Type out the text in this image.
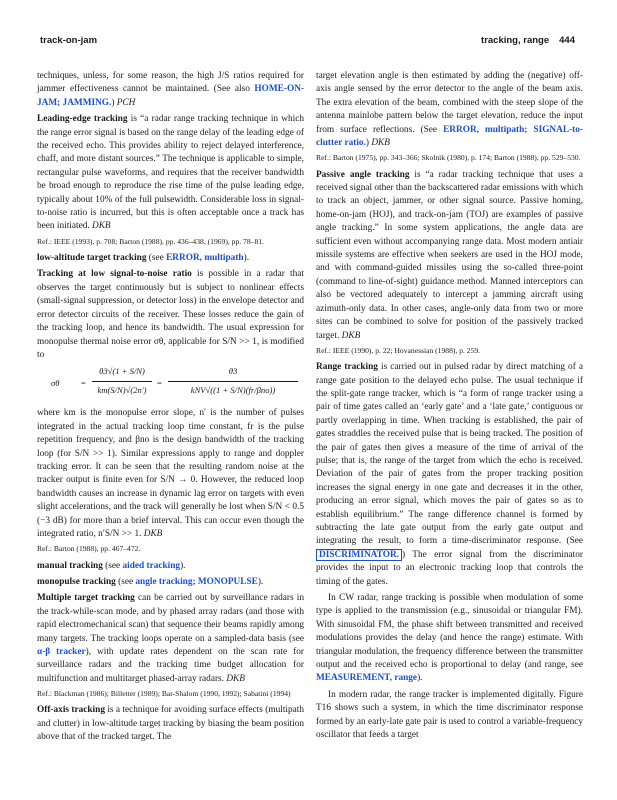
track-on-jam	tracking, range 444

techniques, unless, for some reason, the high J/S ratios required for jammer effectiveness cannot be maintained. (See also HOME-ON-JAM; JAMMING.) PCH

Leading-edge tracking is “a radar range tracking technique in which the range error signal is based on the range delay of the leading edge of the received echo. This provides ability to reject delayed interference, chaff, and more distant sources.” The technique is applicable to simple, rectangular pulse waveforms, and requires that the receiver bandwidth be broad enough to reproduce the rise time of the pulse leading edge, typically about 10% of the full pulsewidth. Considerable loss in signal-to-noise ratio is incurred, but this is often acceptable once a track has been initiated. DKB

Ref.: IEEE (1993), p. 708; Barton (1988), pp. 436–438, (1969), pp. 78–81.

low-altitude target tracking (see ERROR, multipath).

Tracking at low signal-to-noise ratio is possible in a radar that observes the target continuously but is subject to nonlinear effects (small-signal suppression, or detector loss) in the envelope detector and error detector circuits of the receiver. These losses reduce the gain of the tracking loop, and hence its bandwidth. The usual expression for monopulse thermal noise error σθ, applicable for S/N >> 1, is modified to

σθ	=
θ3√(1 + S/N)
km(S/N)√(2n′)
=
θ3
kNV√((1 + S/N)(fr/βno))

where km is the monopulse error slope, n′ is the number of pulses integrated in the actual tracking loop time constant, fr is the pulse repetition frequency, and βno is the design bandwidth of the tracking loop (for S/N >> 1). Similar expressions apply to range and doppler tracking error. It can be seen that the resulting random noise at the tracker output is finite even for S/N → 0. However, the reduced loop bandwidth causes an increase in dynamic lag error on targets with even slight accelerations, and the track will generally be lost when S/N < 0.5 (−3 dB) for more than a brief interval. This can occur even though the integrated ratio, n′S/N >> 1. DKB

Ref.: Barton (1988), pp. 467–472.

manual tracking (see aided tracking).

monopulse tracking (see angle tracking; MONOPULSE).

Multiple target tracking can be carried out by surveillance radars in the track-while-scan mode, and by phased array radars (and those with rapid electromechanical scan) that sequence their beams rapidly among many targets. The tracking loops operate on a sampled-data basis (see α-β tracker), with update rates dependent on the scan rate for surveillance radars and the tracking time budget allocation for multifunction and multitarget phased-array radars. DKB

Ref.: Blackman (1986); Billetter (1989); Bar-Shalom (1990, 1992); Sabatini (1994)

Off-axis tracking is a technique for avoiding surface effects (multipath and clutter) in low-altitude target tracking by biasing the beam position above that of the tracked target. The

target elevation angle is then estimated by adding the (negative) off-axis angle sensed by the error detector to the angle of the beam axis. The extra elevation of the beam, combined with the steep slope of the antenna mainlobe pattern below the target elevation, reduce the input from surface reflections. (See ERROR, multipath; SIGNAL-to-clutter ratio.) DKB

Ref.: Barton (1975), pp. 343–366; Skolnik (1980), p. 174; Barton (1988), pp. 529–530.

Passive angle tracking is “a radar tracking technique that uses a received signal other than the backscattered radar emissions with which to track an object, jammer, or other signal source. Passive homing, home-on-jam (HOJ), and track-on-jam (TOJ) are examples of passive angle tracking.” In some system applications, the angle data are sufficient even without accompanying range data. Most modern antiair missile systems are effective when seekers are used in the HOJ mode, and with command-guided missiles using the so-called three-point (command to line-of-sight) guidance method. Manned interceptors can also be vectored adequately to intercept a jamming aircraft using azimuth-only data. In other cases, angle-only data from two or more sites can be combined to solve for position of the passively tracked target. DKB

Ref.: IEEE (1990), p. 22; Hovanessian (1988), p. 259.

Range tracking is carried out in pulsed radar by direct matching of a range gate position to the delayed echo pulse. The usual technique if the split-gate range tracker, which is “a form of range tracker using a pair of time gates called an ‘early gate’ and a ‘late gate,’ contiguous or partly overlapping in time. When tracking is established, the pair of gates straddles the received pulse that is being tracked. The position of the pair of gates then gives a measure of the time of arrival of the pulse; that is, the range of the target from which the echo is received. Deviation of the pair of gates from the proper tracking position increases the signal energy in one gate and decreases it in the other, producing an error signal, which moves the pair of gates so as to establish equilibrium.” The range difference channel is formed by subtracting the late gate output from the early gate output and integrating the result, to form a time-discriminator response. (See DISCRIMINATOR. ) The error signal from the discriminator provides the input to an electronic tracking loop that controls the timing of the gates.

In CW radar, range tracking is possible when modulation of some type is applied to the transmission (e.g., sinusoidal or triangular FM). With sinusoidal FM, the phase shift between transmitted and received modulations provides the delay (and hence the range) estimate. With triangular modulation, the frequency difference between the transmitter output and the received echo is proportional to delay (and range, see MEASUREMENT, range).

In modern radar, the range tracker is implemented digitally. Figure T16 shows such a system, in which the time discriminator response formed by an early-late gate pair is used to control a variable-frequency oscillator that feeds a target
